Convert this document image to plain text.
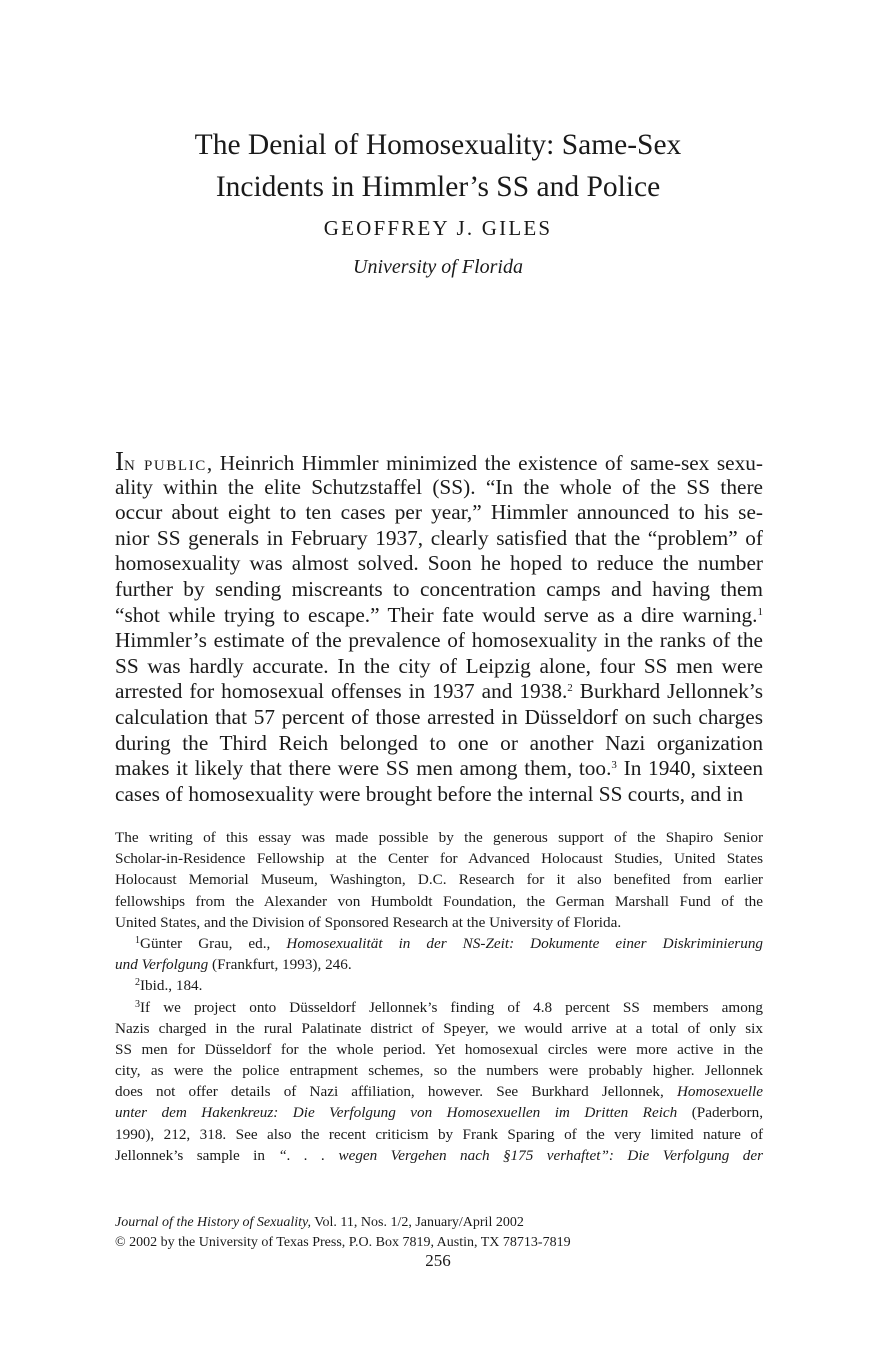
The Denial of Homosexuality: Same-Sex
Incidents in Himmler’s SS and Police
GEOFFREY J. GILES
University of Florida
IN PUBLIC, Heinrich Himmler minimized the existence of same-sex sexu-
ality within the elite Schutzstaffel (SS). “In the whole of the SS there
occur about eight to ten cases per year,” Himmler announced to his se-
nior SS generals in February 1937, clearly satisfied that the “problem” of
homosexuality was almost solved. Soon he hoped to reduce the number
further by sending miscreants to concentration camps and having them
“shot while trying to escape.” Their fate would serve as a dire warning.$^1$
Himmler’s estimate of the prevalence of homosexuality in the ranks of the
SS was hardly accurate. In the city of Leipzig alone, four SS men were
arrested for homosexual offenses in 1937 and 1938.$^2$ Burkhard Jellonnek’s
calculation that 57 percent of those arrested in Düsseldorf on such charges
during the Third Reich belonged to one or another Nazi organization
makes it likely that there were SS men among them, too.$^3$ In 1940, sixteen
cases of homosexuality were brought before the internal SS courts, and in
The writing of this essay was made possible by the generous support of the Shapiro Senior
Scholar-in-Residence Fellowship at the Center for Advanced Holocaust Studies, United States
Holocaust Memorial Museum, Washington, D.C. Research for it also benefited from earlier
fellowships from the Alexander von Humboldt Foundation, the German Marshall Fund of the
United States, and the Division of Sponsored Research at the University of Florida.
$^1$Günter Grau, ed., Homosexualität in der NS-Zeit: Dokumente einer Diskriminierung
und Verfolgung (Frankfurt, 1993), 246.
$^2$Ibid., 184.
$^3$If we project onto Düsseldorf Jellonnek’s finding of 4.8 percent SS members among
Nazis charged in the rural Palatinate district of Speyer, we would arrive at a total of only six
SS men for Düsseldorf for the whole period. Yet homosexual circles were more active in the
city, as were the police entrapment schemes, so the numbers were probably higher. Jellonnek
does not offer details of Nazi affiliation, however. See Burkhard Jellonnek, Homosexuelle
unter dem Hakenkreuz: Die Verfolgung von Homosexuellen im Dritten Reich (Paderborn,
1990), 212, 318. See also the recent criticism by Frank Sparing of the very limited nature of
Jellonnek’s sample in “. . . wegen Vergehen nach §175 verhaftet”: Die Verfolgung der
Journal of the History of Sexuality, Vol. 11, Nos. 1/2, January/April 2002
© 2002 by the University of Texas Press, P.O. Box 7819, Austin, TX 78713-7819
256
